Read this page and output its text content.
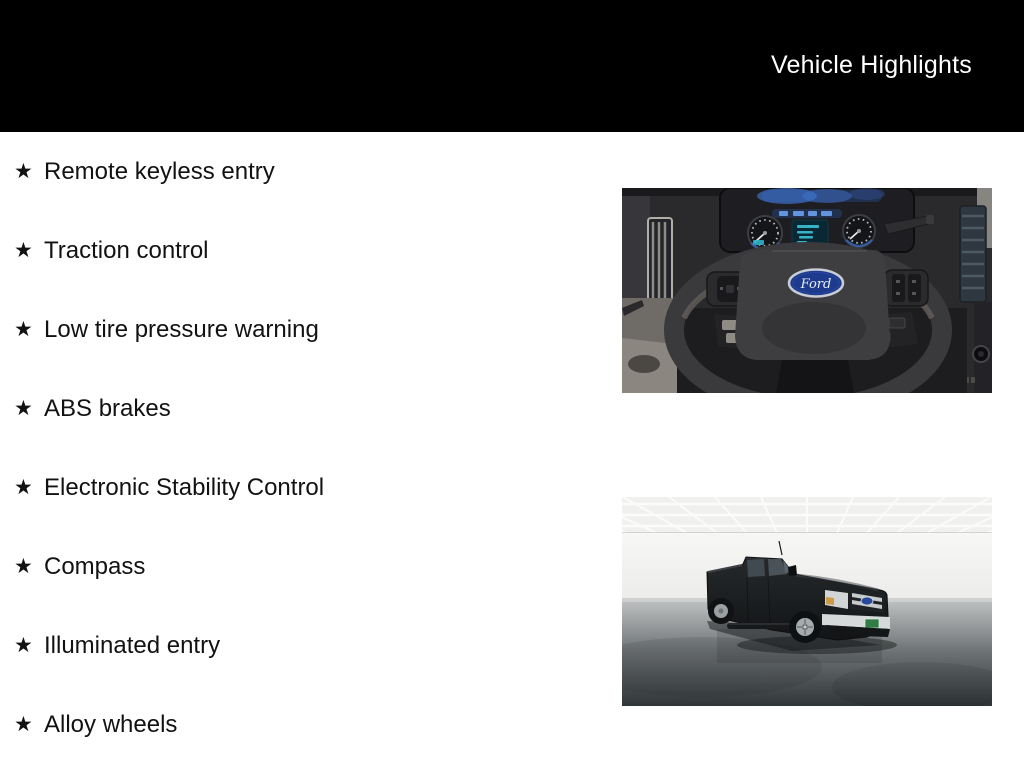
Vehicle Highlights
★ Remote keyless entry
★ Traction control
★ Low tire pressure warning
★ ABS brakes
★ Electronic Stability Control
★ Compass
★ Illuminated entry
★ Alloy wheels
Ford
